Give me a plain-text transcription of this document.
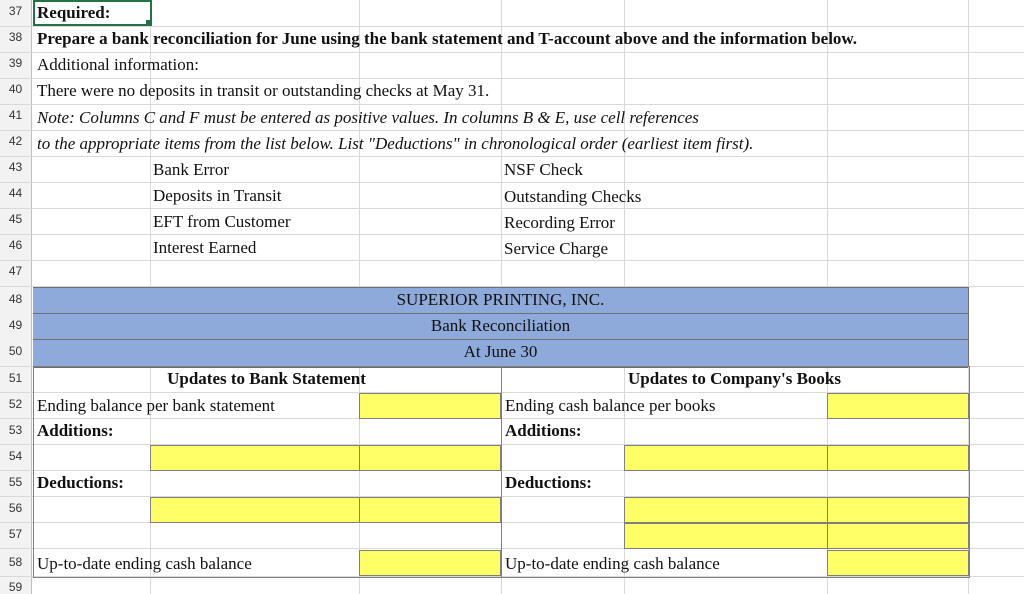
37
38
39
40
41
42
43
44
45
46
47
48
49
50
51
52
53
54
55
56
57
58
59
Required:
Prepare a bank reconciliation for June using the bank statement and T-account above and the information below.
Additional information:
There were no deposits in transit or outstanding checks at May 31.
Note: Columns C and F must be entered as positive values. In columns B & E, use cell references
to the appropriate items from the list below. List "Deductions" in chronological order (earliest item first).
Bank Error
Deposits in Transit
EFT from Customer
Interest Earned
NSF Check
Outstanding Checks
Recording Error
Service Charge
SUPERIOR PRINTING, INC.
Bank Reconciliation
At June 30
Updates to Bank Statement	Updates to Company's Books
Ending balance per bank statement
Additions:
Deductions:
Up-to-date ending cash balance
Ending cash balance per books
Additions:
Deductions:
Up-to-date ending cash balance
